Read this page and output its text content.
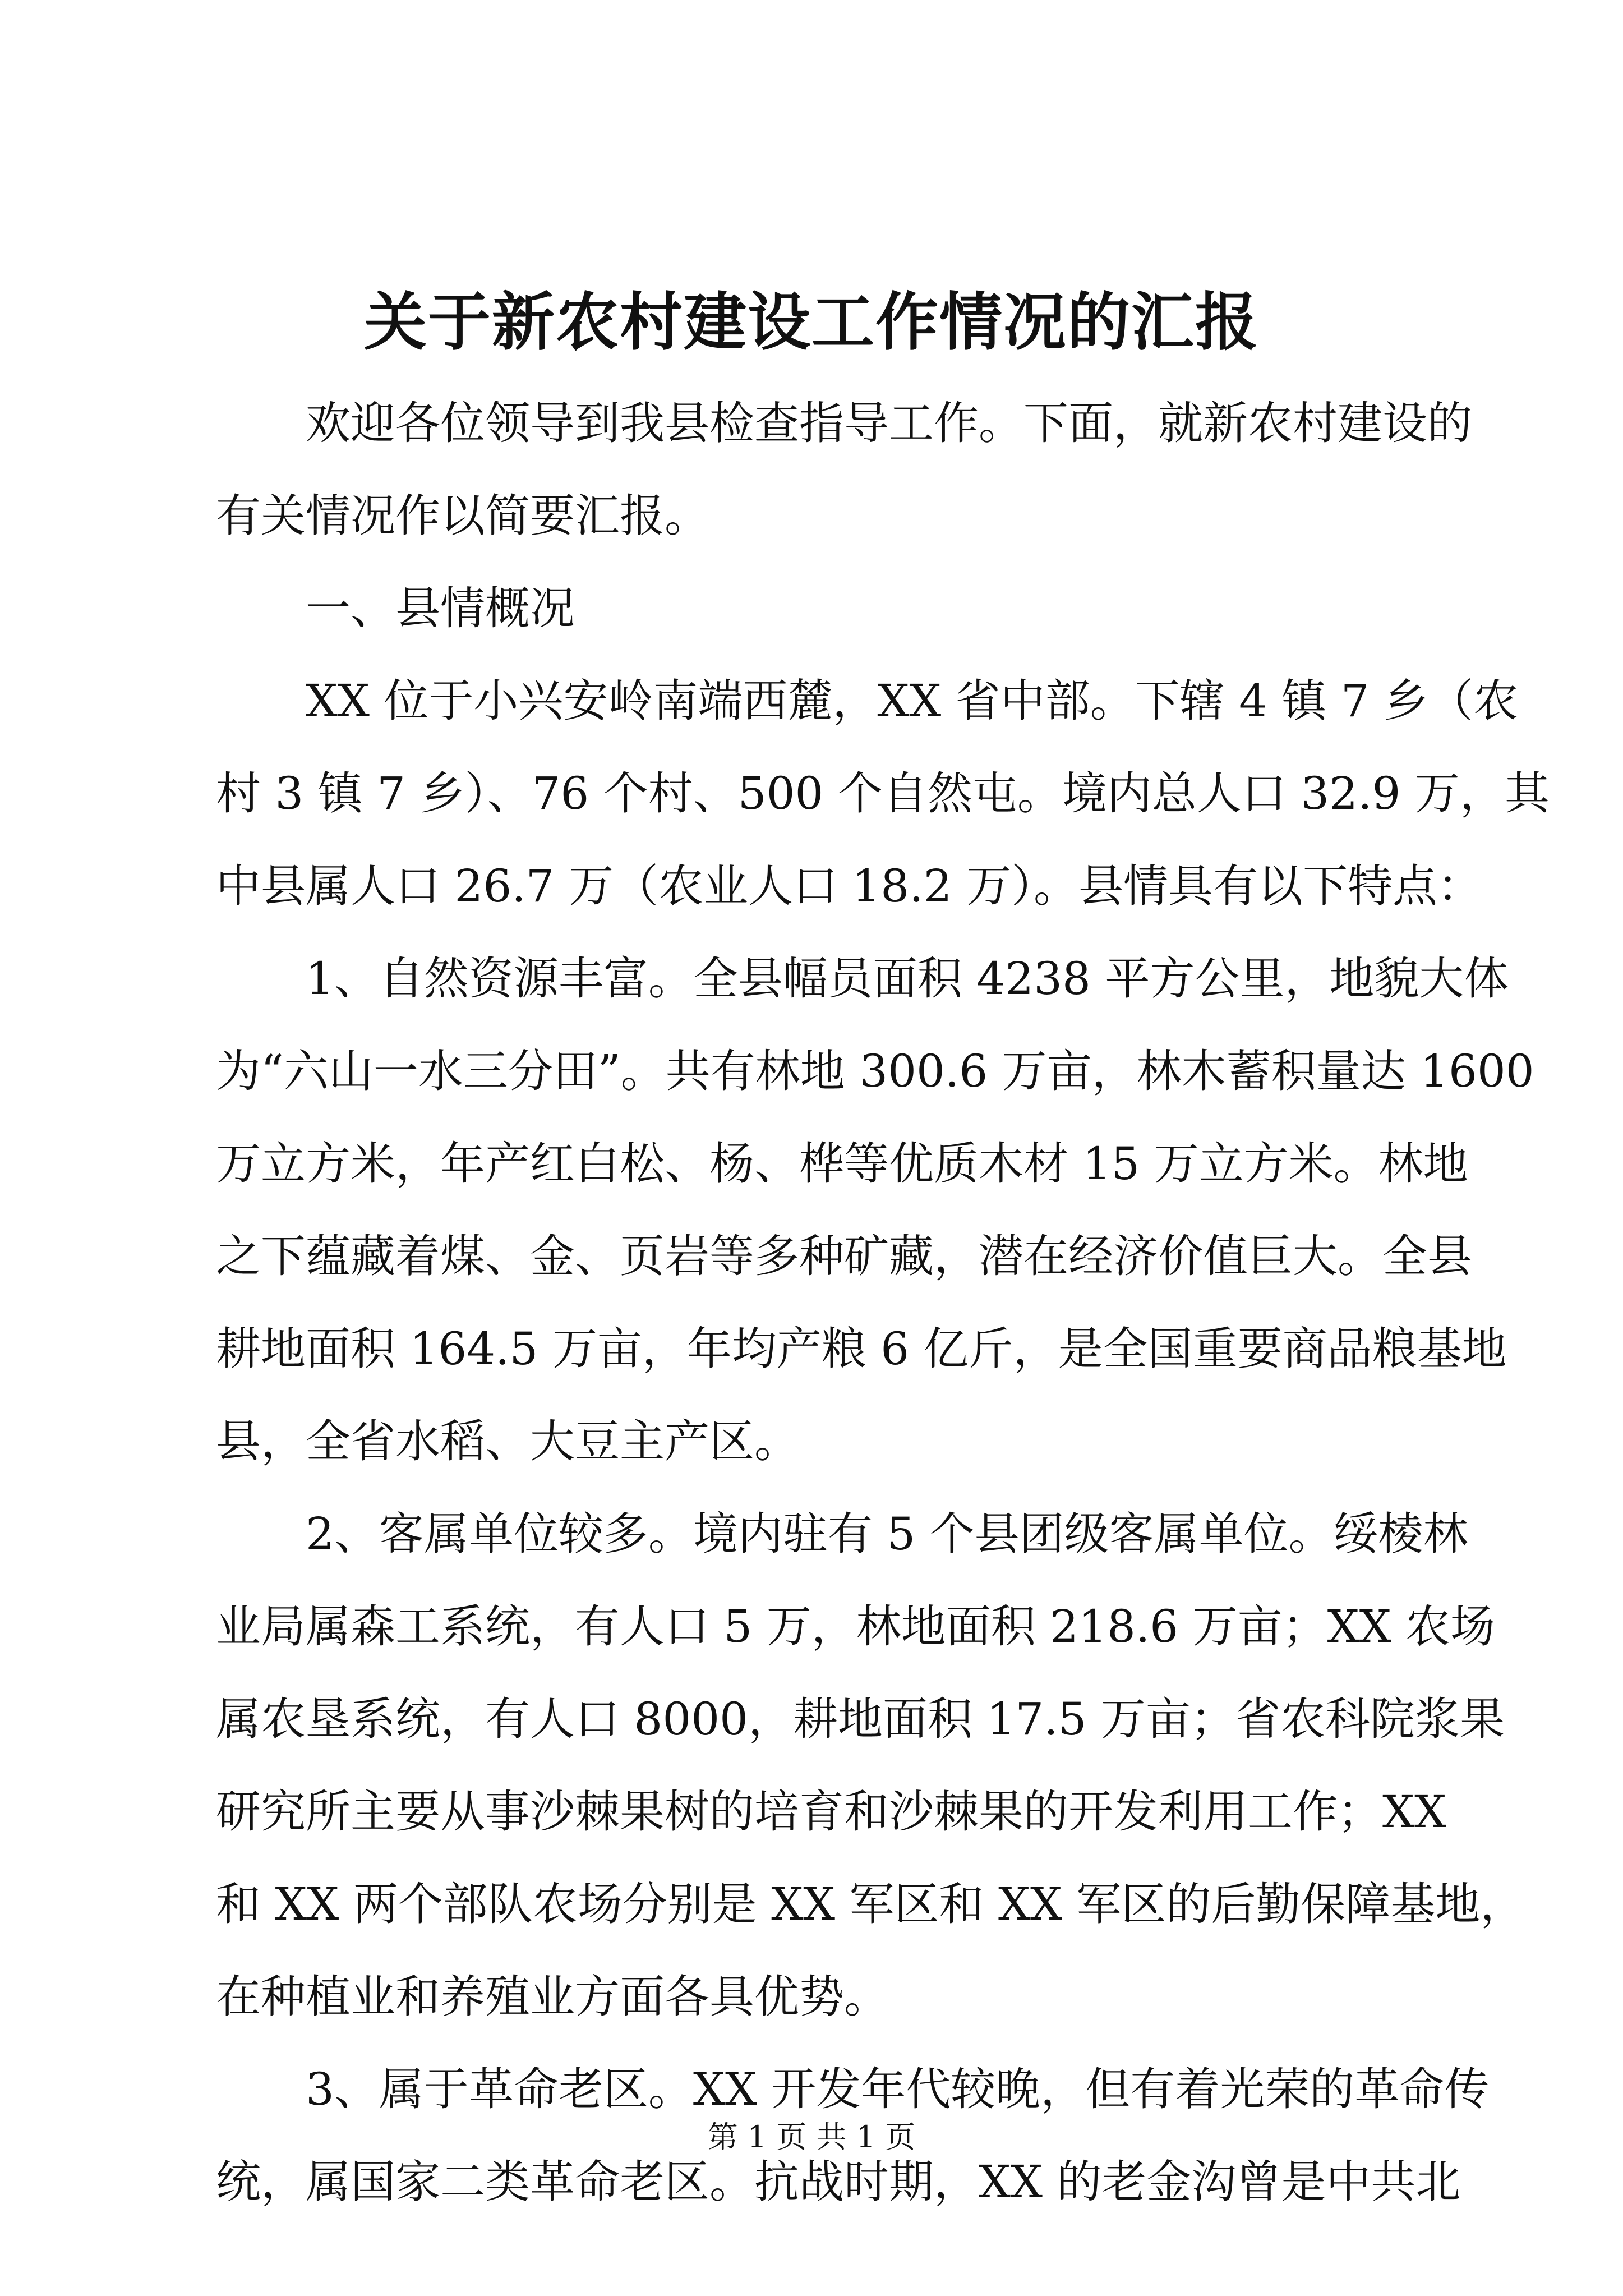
关于新农村建设工作情况的汇报
欢迎各位领导到我县检查指导工作。下面，就新农村建设的
有关情况作以简要汇报。
一、县情概况
XX 位于小兴安岭南端西麓，XX 省中部。下辖 4 镇 7 乡（农
村 3 镇 7 乡）、76 个村、500 个自然屯。境内总人口 32.9 万，其
中县属人口 26.7 万（农业人口 18.2 万）。县情具有以下特点：
1、自然资源丰富。全县幅员面积 4238 平方公里，地貌大体
为“六山一水三分田”。共有林地 300.6 万亩，林木蓄积量达 1600
万立方米，年产红白松、杨、桦等优质木材 15 万立方米。林地
之下蕴藏着煤、金、页岩等多种矿藏，潜在经济价值巨大。全县
耕地面积 164.5 万亩，年均产粮 6 亿斤，是全国重要商品粮基地
县，全省水稻、大豆主产区。
2、客属单位较多。境内驻有 5 个县团级客属单位。绥棱林
业局属森工系统，有人口 5 万，林地面积 218.6 万亩；XX 农场
属农垦系统，有人口 8000，耕地面积 17.5 万亩；省农科院浆果
研究所主要从事沙棘果树的培育和沙棘果的开发利用工作；XX
和 XX 两个部队农场分别是 XX 军区和 XX 军区的后勤保障基地，
在种植业和养殖业方面各具优势。
3、属于革命老区。XX 开发年代较晚，但有着光荣的革命传
统，属国家二类革命老区。抗战时期，XX 的老金沟曾是中共北
第 1 页 共 1 页
